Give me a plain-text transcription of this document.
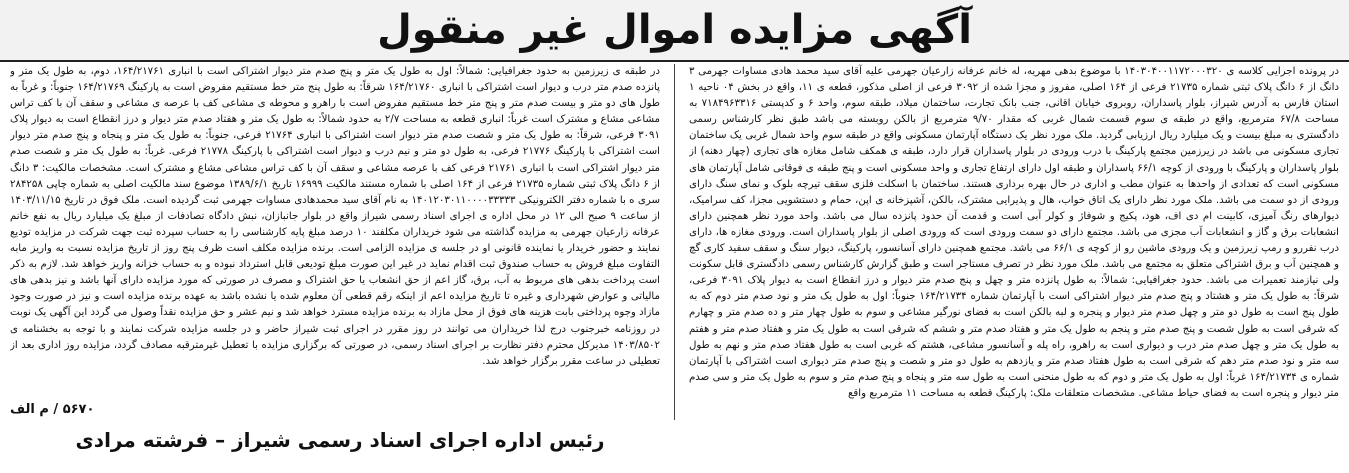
آگهی مزایده اموال غیر منقول
در پرونده اجرایی کلاسه ی ۱۴۰۳۰۴۰۰۱۱۷۲۰۰۰۳۲۰ با موضوع بدهی مهریه، له خانم عرفانه زارعیان جهرمی علیه آقای سید محمد هادی مساوات جهرمی ۳ دانگ از ۶ دانگ پلاک ثبتی شماره ۲۱۷۳۵ فرعی از ۱۶۴ اصلی، مفروز و مجزا شده از ۳۰۹۲ فرعی از اصلی مذکور، قطعه ی ۱۱، واقع در بخش ۰۴ ناحیه ۱ استان فارس به آدرس شیراز، بلوار پاسداران، روبروی خیابان اقانی، جنب بانک تجارت، ساختمان میلاد، طبقه سوم، واحد ۶ و کدپستی ۷۱۸۴۹۶۳۳۱۶ به مساحت ۶۷/۸ مترمربع، واقع در طبقه ی سوم قسمت شمال غربی که مقدار ۹/۷۰ مترمربع از بالکن روبسته می باشد طبق نظر کارشناس رسمی دادگستری به مبلغ بیست و یک میلیارد ریال ارزیابی گردید. ملک مورد نظر یک دستگاه آپارتمان مسکونی واقع در طبقه سوم واحد شمال غربی یک ساختمان تجاری مسکونی می باشد در زیرزمین مجتمع پارکینگ با درب ورودی در بلوار پاسداران قرار دارد، طبقه ی همکف شامل مغازه های تجاری (چهار دهنه) از بلوار پاسداران و پارکینگ با ورودی از کوچه ۶۶/۱ پاسداران و طبقه اول دارای ارتفاع تجاری و واحد مسکونی است و پنج طبقه ی فوقانی شامل آپارتمان های مسکونی است که تعدادی از واحدها به عنوان مطب و اداری در حال بهره برداری هستند. ساختمان با اسکلت فلزی سقف تیرچه بلوک و نمای سنگ دارای ورودی از دو سمت می باشد. ملک مورد نظر دارای یک اتاق خواب، هال و پذیرایی مشترک، بالکن، آشپزخانه ی اپن، حمام و دستشویی مجزا، کف سرامیک، دیوارهای رنگ آمیزی، کابینت ام دی اف، هود، پکیج و شوفاژ و کولر آبی است و قدمت آن حدود پانزده سال می باشد. واحد مورد نظر همچنین دارای انشعابات برق و گاز و انشعابات آب مجزی می باشد. مجتمع دارای دو سمت ورودی است که ورودی اصلی از بلوار پاسداران است. ورودی مغازه ها، دارای درب نفررو و رمپ زیرزمین و یک ورودی ماشین رو از کوچه ی ۶۶/۱ می باشد. مجتمع همچنین دارای آسانسور، پارکینگ، دیوار سنگ و سقف سفید کاری گچ و همچنین آب و برق اشتراکی متعلق به مجتمع می باشد. ملک مورد نظر در تصرف مستاجر است و طبق گزارش کارشناس رسمی دادگستری قابل سکونت ولی نیازمند تعمیرات می باشد. حدود جغرافیایی: شمالاً: به طول پانزده متر و چهل و پنج صدم متر دیوار و درز انقطاع است به دیوار پلاک ۳۰۹۱ فرعی، شرقاً: به طول یک متر و هشتاد و پنج صدم متر دیوار اشتراکی است با آپارتمان شماره ۱۶۴/۲۱۷۳۴ جنوباً: اول به طول یک متر و نود صدم متر دوم که به طول پنج است به طول دو متر و چهل صدم متر دیوار و پنجره و لبه بالکن است به فضای نورگیر مشاعی و سوم به طول چهار متر و ده صدم متر و چهارم که شرقی است به طول شصت و پنج صدم متر و پنجم به طول یک متر و هفتاد صدم متر و ششم که شرقی است به طول یک متر و هفتاد صدم متر و هفتم به طول یک متر و چهل صدم متر درب و دیواری است به راهرو، راه پله و آسانسور مشاعی، هشتم که غربی است به طول هفتاد صدم متر و نهم به طول سه متر و نود صدم متر دهم که شرقی است به طول هفتاد صدم متر و یازدهم به طول دو متر و شصت و پنج صدم متر دیواری است اشتراکی با آپارتمان شماره ی ۱۶۴/۲۱۷۳۴ غرباً: اول به طول یک متر و دوم که به طول منحنی است به طول سه متر و پنجاه و پنج صدم متر و سوم به طول یک متر و سی صدم متر دیوار و پنجره است به فضای حیاط مشاعی. مشخصات متعلقات ملک: پارکینگ قطعه به مساحت ۱۱ مترمربع واقع
در طبقه ی زیرزمین به حدود جغرافیایی: شمالاً: اول به طول یک متر و پنج صدم متر دیوار اشتراکی است با انباری ۱۶۴/۲۱۷۶۱، دوم، به طول یک متر و پانزده صدم متر درب و دیوار است اشتراکی با انباری ۱۶۴/۲۱۷۶۰ شرقاً: به طول پنج متر خط مستقیم مفروض است به پارکینگ ۱۶۴/۲۱۷۶۹ جنوباً: و غرباً به طول های دو متر و بیست صدم متر و پنج متر خط مستقیم مفروض است با راهرو و محوطه ی مشاعی کف با عرصه ی مشاعی و سقف آن با کف تراس مشاعی مشاع و مشترک است غرباً: انباری قطعه به مساحت ۲/۷ به حدود شمالاً: به طول یک متر و هفتاد صدم متر دیوار و درز انقطاع است به دیوار پلاک ۳۰۹۱ فرعی، شرقاً: به طول یک متر و شصت صدم متر دیوار است اشتراکی با انباری ۲۱۷۶۴ فرعی، جنوباً: به طول یک متر و پنجاه و پنج صدم متر دیوار است اشتراکی با پارکینگ ۲۱۷۷۶ فرعی، به طول دو متر و نیم درب و دیوار است اشتراکی با پارکینگ ۲۱۷۷۸ فرعی. غرباً: به طول یک متر و شصت صدم متر دیوار اشتراکی است با انباری ۲۱۷۶۱ فرعی کف با عرصه مشاعی و سقف آن با کف تراس مشاعی مشاع و مشترک است. مشخصات مالکیت: ۳ دانگ از ۶ دانگ پلاک ثبتی شماره ۲۱۷۳۵ فرعی از ۱۶۴ اصلی با شماره مستند مالکیت ۱۶۹۹۹ تاریخ ۱۳۸۹/۶/۱ موضوع سند مالکیت اصلی به شماره چاپی ۲۸۴۲۵۸ سری ه با شماره دفتر الکترونیکی ۱۴۰۱۲۰۳۰۱۱۰۰۰۰۳۳۳۳۳ به نام آقای سید محمدهادی مساوات جهرمی ثبت گردیده است. ملک فوق در تاریخ ۱۴۰۳/۱۱/۱۵ از ساعت ۹ صبح الی ۱۲ در محل اداره ی اجرای اسناد رسمی شیراز واقع در بلوار جانبازان، نبش دادگاه تصادفات از مبلغ یک میلیارد ریال به نفع خانم عرفانه زارعیان جهرمی به مزایده گذاشته می شود خریداران مکلفند ۱۰ درصد مبلغ پایه کارشناسی را به حساب سپرده ثبت جهت شرکت در مزایده تودیع نمایند و حضور خریدار یا نماینده قانونی او در جلسه ی مزایده الزامی است. برنده مزایده مکلف است ظرف پنج روز از تاریخ مزایده نسبت به واریز مابه التفاوت مبلغ فروش به حساب صندوق ثبت اقدام نماید در غیر این صورت مبلغ تودیعی قابل استرداد نبوده و به حساب خزانه واریز خواهد شد. لازم به ذکر است پرداخت بدهی های مربوط به آب، برق، گاز اعم از حق انشعاب یا حق اشتراک و مصرف در صورتی که مورد مزایده دارای آنها باشد و نیز بدهی های مالیاتی و عوارض شهرداری و غیره تا تاریخ مزایده اعم از اینکه رقم قطعی آن معلوم شده یا نشده باشد به عهده برنده مزایده است و نیز در صورت وجود مازاد وجوه پرداختی بابت هزینه های فوق از محل مازاد به برنده مزایده مسترد خواهد شد و نیم عشر و حق مزایده نقداً وصول می گردد این آگهی یک نوبت در روزنامه خبرجنوب درج لذا خریداران می توانند در روز مقرر در اجرای ثبت شیراز حاضر و در جلسه مزایده شرکت نمایند و با توجه به بخشنامه ی ۱۴۰۳/۸۵۰۲ مدیرکل محترم دفتر نظارت بر اجرای اسناد رسمی، در صورتی که برگزاری مزایده با تعطیل غیرمترقبه مصادف گردد، مزایده روز اداری بعد از تعطیلی در ساعت مقرر برگزار خواهد شد.
۵۶۷۰ / م الف
رئیس اداره اجرای اسناد رسمی شیراز – فرشته مرادی
